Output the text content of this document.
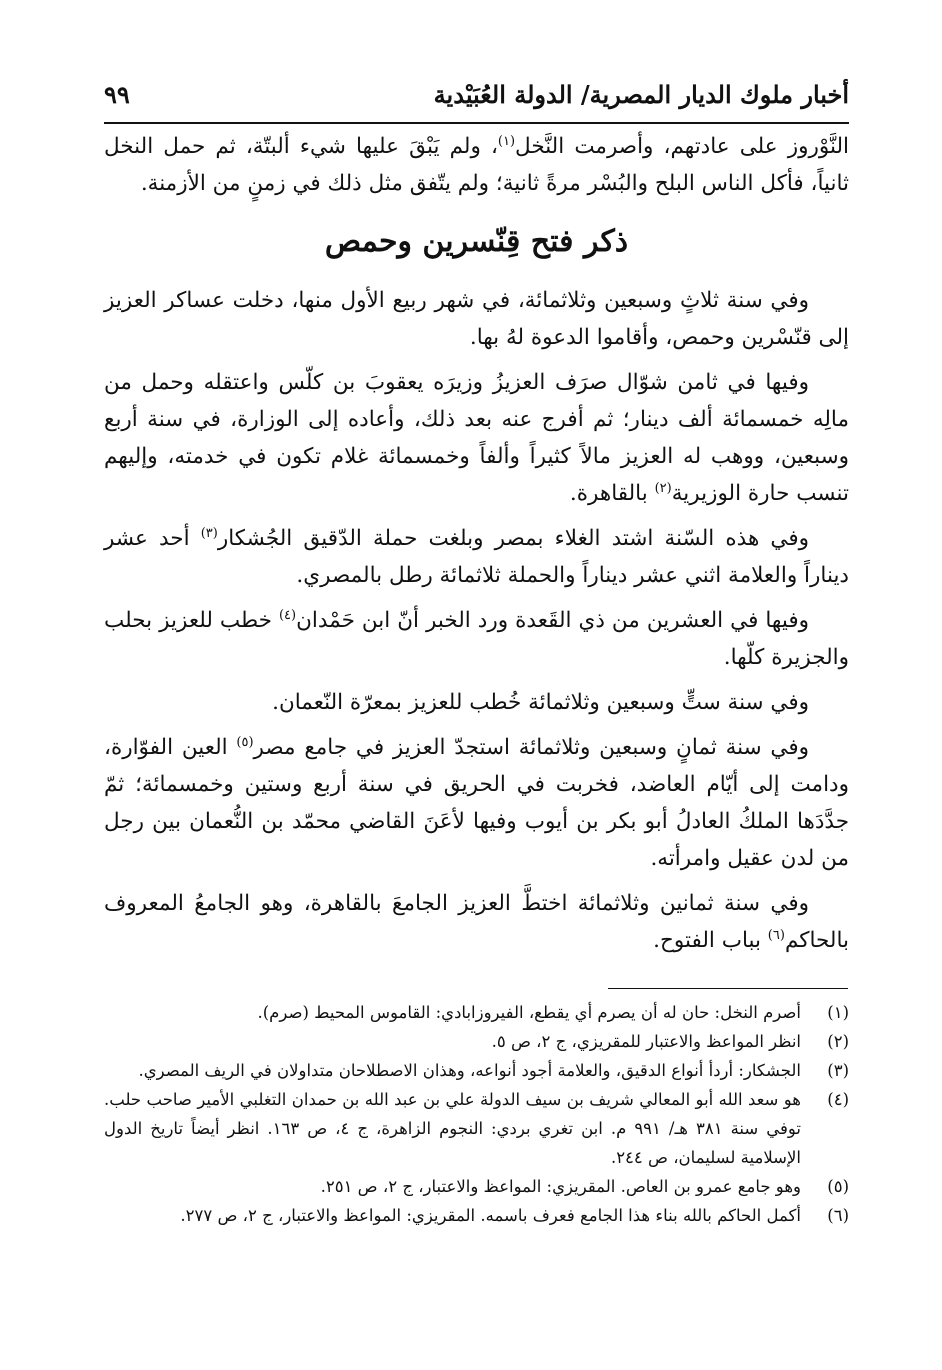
أخبار ملوك الديار المصرية/ الدولة العُبَيْدية
٩٩

النَّوْروز على عادتهم، وأصرمت النَّخل$^{(١)}$، ولم يَبْقَ عليها شيء ألبتّة، ثم حمل النخل ثانياً، فأكل الناس البلح والبُسْر مرةً ثانية؛ ولم يتّفق مثل ذلك في زمنٍ من الأزمنة.

ذكر فتح قِنّسرين وحمص

وفي سنة ثلاثٍ وسبعين وثلاثمائة، في شهر ربيع الأول منها، دخلت عساكر العزيز إلى قنّسْرين وحمص، وأقاموا الدعوة لهُ بها.

وفيها في ثامن شوّال صرَف العزيزُ وزيرَه يعقوبَ بن كلّس واعتقله وحمل من مالِه خمسمائة ألف دينار؛ ثم أفرج عنه بعد ذلك، وأعاده إلى الوزارة، في سنة أربع وسبعين، ووهب له العزيز مالاً كثيراً وألفاً وخمسمائة غلام تكون في خدمته، وإليهم تنسب حارة الوزيرية$^{(٢)}$ بالقاهرة.

وفي هذه السّنة اشتد الغلاء بمصر وبلغت حملة الدّقيق الجُشكار$^{(٣)}$ أحد عشر ديناراً والعلامة اثني عشر ديناراً والحملة ثلاثمائة رطل بالمصري.

وفيها في العشرين من ذي القَعدة ورد الخبر أنّ ابن حَمْدان$^{(٤)}$ خطب للعزيز بحلب والجزيرة كلّها.

وفي سنة ستٍّ وسبعين وثلاثمائة خُطب للعزيز بمعرّة النّعمان.

وفي سنة ثمانٍ وسبعين وثلاثمائة استجدّ العزيز في جامع مصر$^{(٥)}$ العين الفوّارة، ودامت إلى أيّام العاضد، فخربت في الحريق في سنة أربع وستين وخمسمائة؛ ثمّ جدَّدَها الملكُ العادلُ أبو بكر بن أيوب وفيها لأعَنَ القاضي محمّد بن النُّعمان بين رجل من لدن عقيل وامرأته.

وفي سنة ثمانين وثلاثمائة اختطَّ العزيز الجامعَ بالقاهرة، وهو الجامعُ المعروف بالحاكم$^{(٦)}$ بباب الفتوح.

(١)
أصرم النخل: حان له أن يصرم أي يقطع، الفيروزابادي: القاموس المحيط (صرم).
(٢)
انظر المواعظ والاعتبار للمقريزي، ج ٢، ص ٥.
(٣)
الجشكار: أردأ أنواع الدقيق، والعلامة أجود أنواعه، وهذان الاصطلاحان متداولان في الريف المصري.
(٤)
هو سعد الله أبو المعالي شريف بن سيف الدولة علي بن عبد الله بن حمدان التغلبي الأمير صاحب حلب. توفي سنة ٣٨١ هـ/ ٩٩١ م. ابن تغري بردي: النجوم الزاهرة، ج ٤، ص ١٦٣. انظر أيضاً تاريخ الدول الإسلامية لسليمان، ص ٢٤٤.
(٥)
وهو جامع عمرو بن العاص. المقريزي: المواعظ والاعتبار، ج ٢، ص ٢٥١.
(٦)
أكمل الحاكم بالله بناء هذا الجامع فعرف باسمه. المقريزي: المواعظ والاعتبار، ج ٢، ص ٢٧٧.
